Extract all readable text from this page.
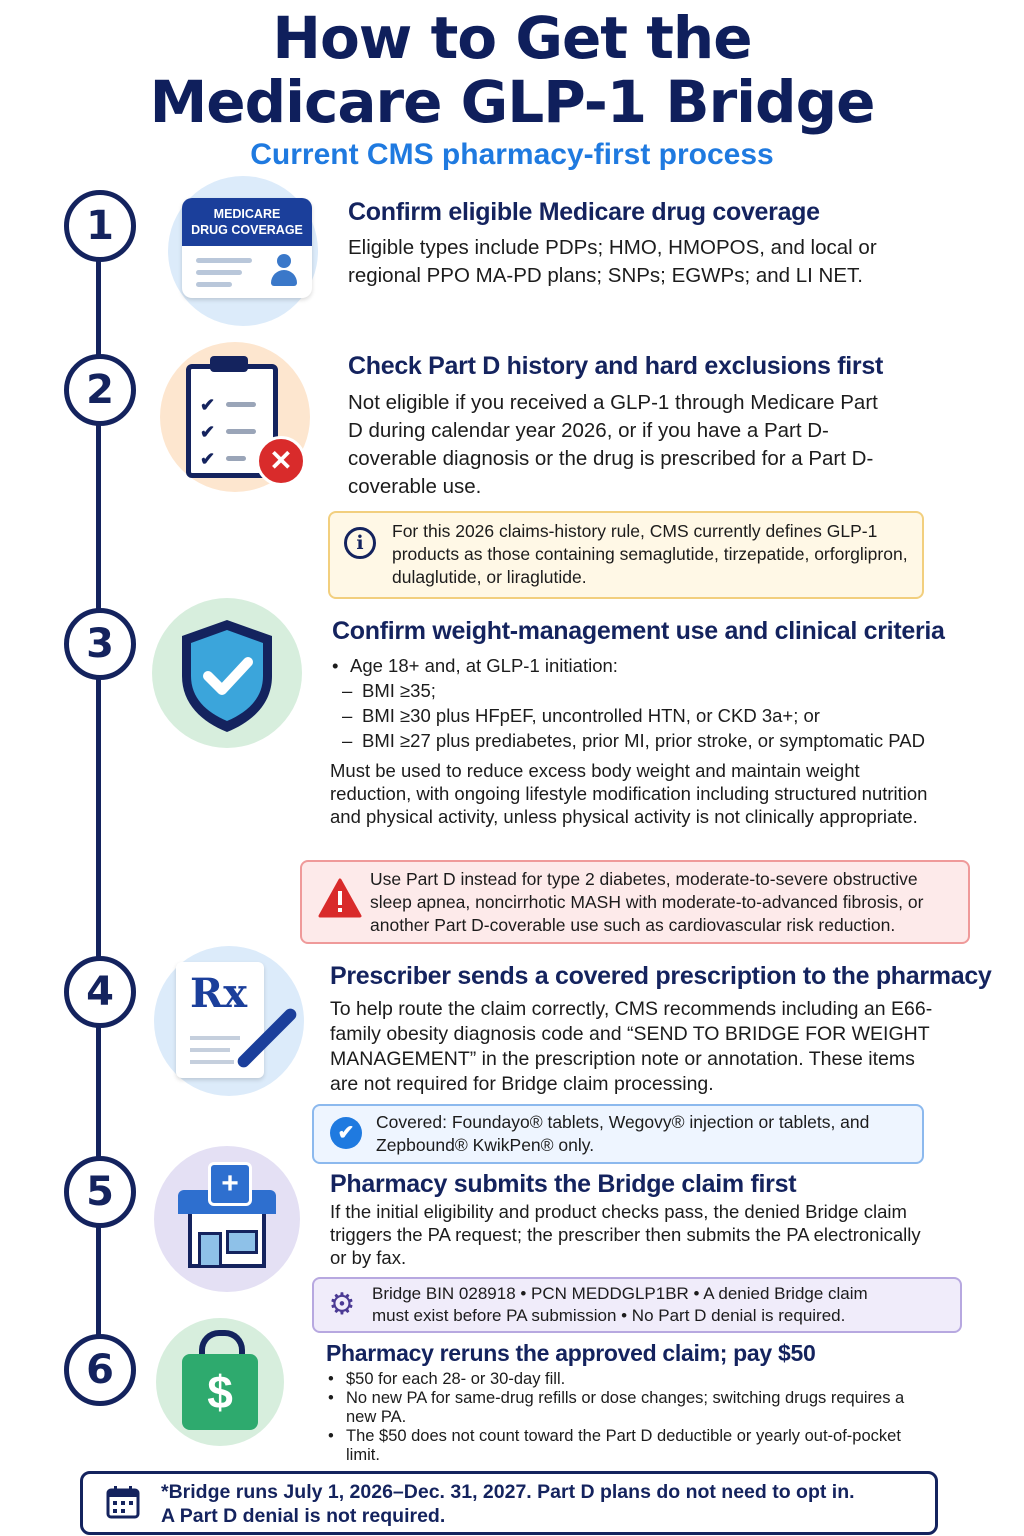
How to Get the
Medicare GLP-1 Bridge
Current CMS pharmacy-first process
1	MEDICARE
DRUG COVERAGE
Confirm eligible Medicare drug coverage
Eligible types include PDPs; HMO, HMOPOS, and local or regional PPO MA-PD plans; SNPs; EGWPs; and LI NET.
2	✔
✔
✔	✕
Check Part D history and hard exclusions first
Not eligible if you received a GLP-1 through Medicare Part D during calendar year 2026, or if you have a Part D-coverable diagnosis or the drug is prescribed for a Part D-coverable use.
i
For this 2026 claims-history rule, CMS currently defines GLP-1 products as those containing semaglutide, tirzepatide, orforglipron, dulaglutide, or liraglutide.
3	Confirm weight-management use and clinical criteria
• Age 18+ and, at GLP-1 initiation:
– BMI ≥35;
– BMI ≥30 plus HFpEF, uncontrolled HTN, or CKD 3a+; or
– BMI ≥27 plus prediabetes, prior MI, prior stroke, or symptomatic PAD
Must be used to reduce excess body weight and maintain weight reduction, with ongoing lifestyle modification including structured nutrition and physical activity, unless physical activity is not clinically appropriate.
Use Part D instead for type 2 diabetes, moderate-to-severe obstructive sleep apnea, noncirrhotic MASH with moderate-to-advanced fibrosis, or another Part D-coverable use such as cardiovascular risk reduction.
4	Rx	Prescriber sends a covered prescription to the pharmacy
To help route the claim correctly, CMS recommends including an E66-family obesity diagnosis code and “SEND TO BRIDGE FOR WEIGHT MANAGEMENT” in the prescription note or annotation. These items are not required for Bridge claim processing.
✔	Covered: Foundayo® tablets, Wegovy® injection or tablets, and Zepbound® KwikPen® only.
5	+	Pharmacy submits the Bridge claim first
If the initial eligibility and product checks pass, the denied Bridge claim triggers the PA request; the prescriber then submits the PA electronically or by fax.
⚙ Bridge BIN 028918 • PCN MEDDGLP1BR • A denied Bridge claim
must exist before PA submission • No Part D denial is required.
6	$
Pharmacy reruns the approved claim; pay $50
• $50 for each 28- or 30-day fill.
• No new PA for same-drug refills or dose changes; switching drugs requires a new PA.
• The $50 does not count toward the Part D deductible or yearly out-of-pocket limit.
*Bridge runs July 1, 2026–Dec. 31, 2027. Part D plans do not need to opt in.
A Part D denial is not required.
